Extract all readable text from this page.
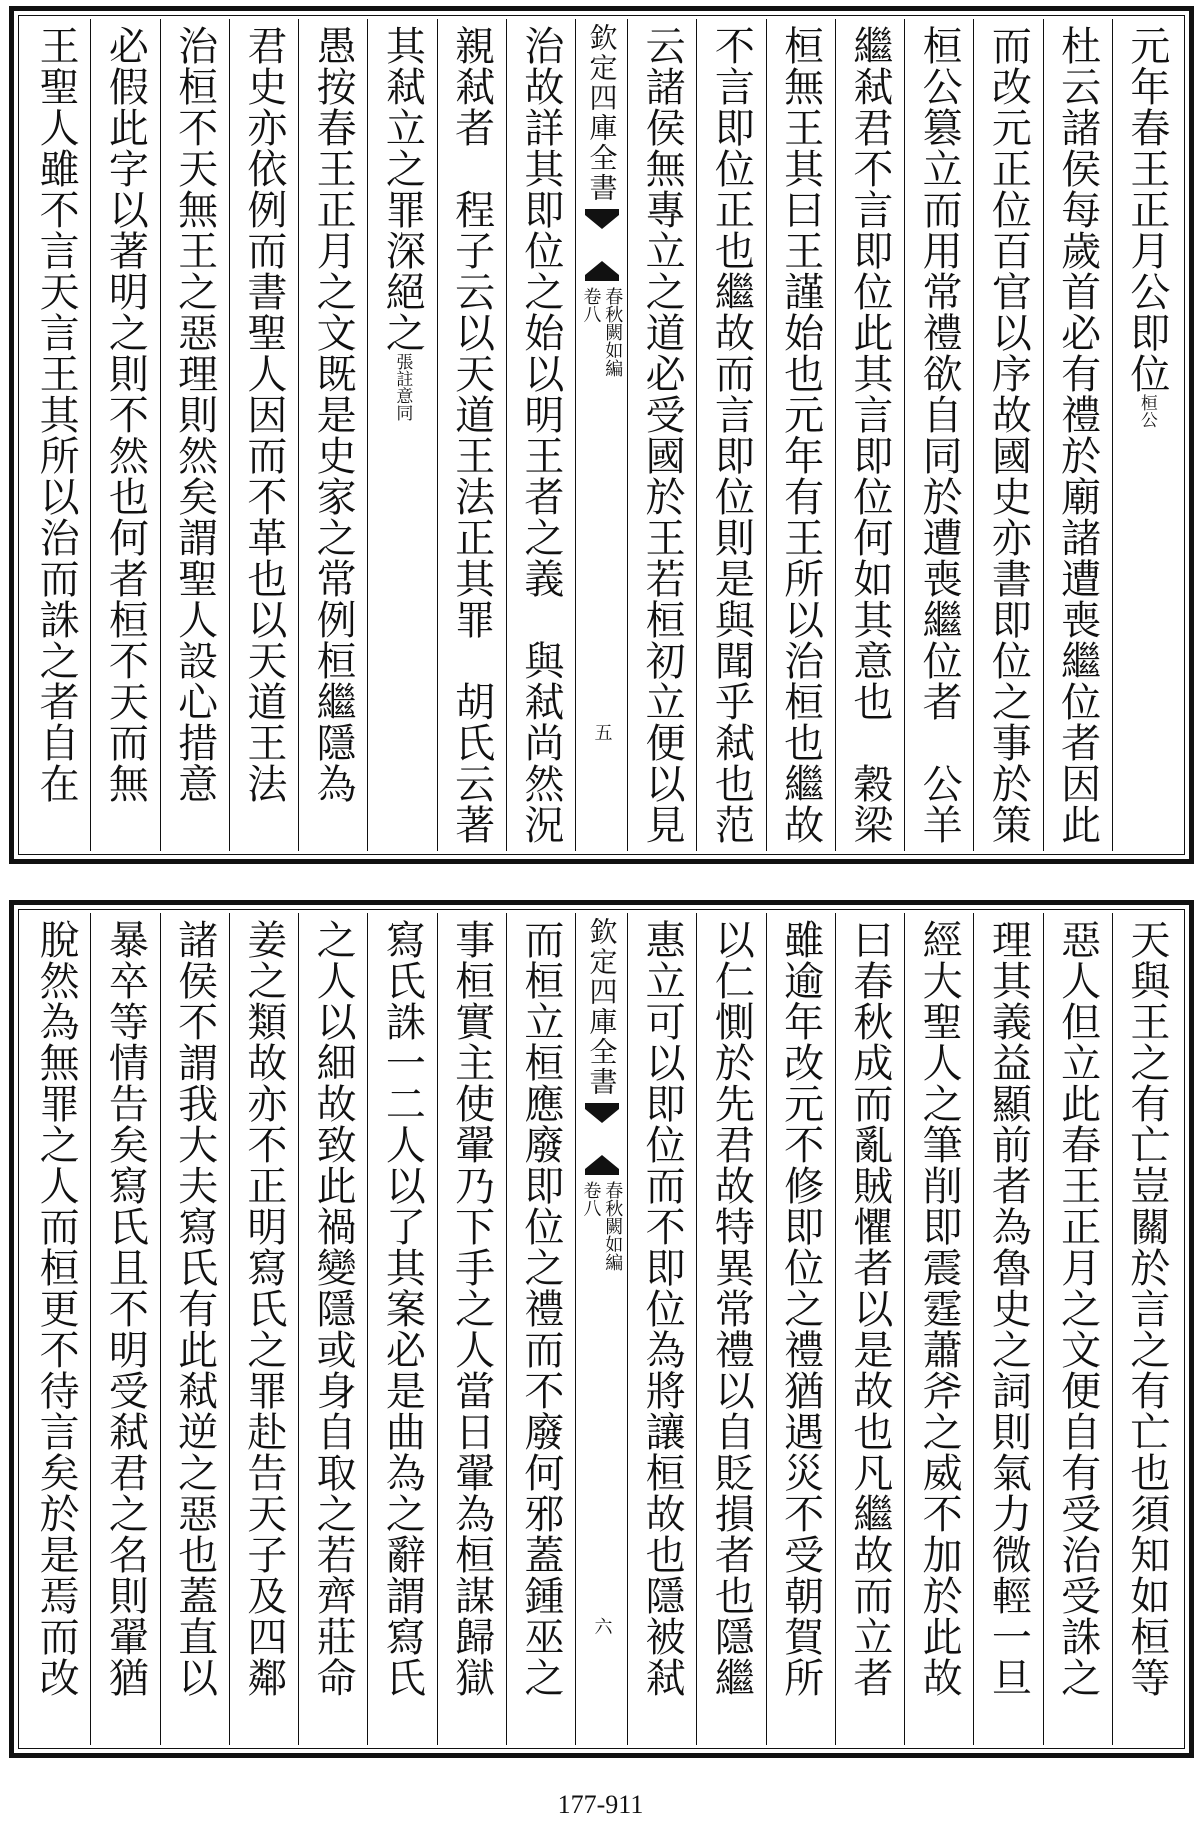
元年春王正月公即位桓公
杜云諸侯每歲首必有禮於廟諸遭喪繼位者因此
而改元正位百官以序故國史亦書即位之事於策
桓公篡立而用常禮欲自同於遭喪繼位者　公羊
繼弒君不言即位此其言即位何如其意也　穀梁
桓無王其曰王謹始也元年有王所以治桓也繼故
不言即位正也繼故而言即位則是與聞乎弒也范
云諸侯無專立之道必受國於王若桓初立便以見
欽定四庫全書
春秋闕如編
卷八
五
治故詳其即位之始以明王者之義　與弒尚然況
親弒者　程子云以天道王法正其罪　胡氏云著
其弒立之罪深絕之張註意同
愚按春王正月之文既是史家之常例桓繼隱為
君史亦依例而書聖人因而不革也以天道王法
治桓不天無王之惡理則然矣謂聖人設心措意
必假此字以著明之則不然也何者桓不天而無
王聖人雖不言天言王其所以治而誅之者自在
天與王之有亡豈關於言之有亡也須知如桓等
惡人但立此春王正月之文便自有受治受誅之
理其義益顯前者為魯史之詞則氣力微輕一旦
經大聖人之筆削即震霆蕭斧之威不加於此故
曰春秋成而亂賊懼者以是故也凡繼故而立者
雖逾年改元不修即位之禮猶遇災不受朝賀所
以仁惻於先君故特異常禮以自貶損者也隱繼
惠立可以即位而不即位為將讓桓故也隱被弒
欽定四庫全書
春秋闕如編
卷八
六
而桓立桓應廢即位之禮而不廢何邪蓋鍾巫之
事桓實主使翬乃下手之人當日翬為桓謀歸獄
寫氏誅一二人以了其案必是曲為之辭謂寫氏
之人以細故致此禍變隱或身自取之若齊莊命
姜之類故亦不正明寫氏之罪赴告天子及四鄰
諸侯不謂我大夫寫氏有此弒逆之惡也蓋直以
暴卒等情告矣寫氏且不明受弒君之名則翬猶
脫然為無罪之人而桓更不待言矣於是焉而改
177-911
